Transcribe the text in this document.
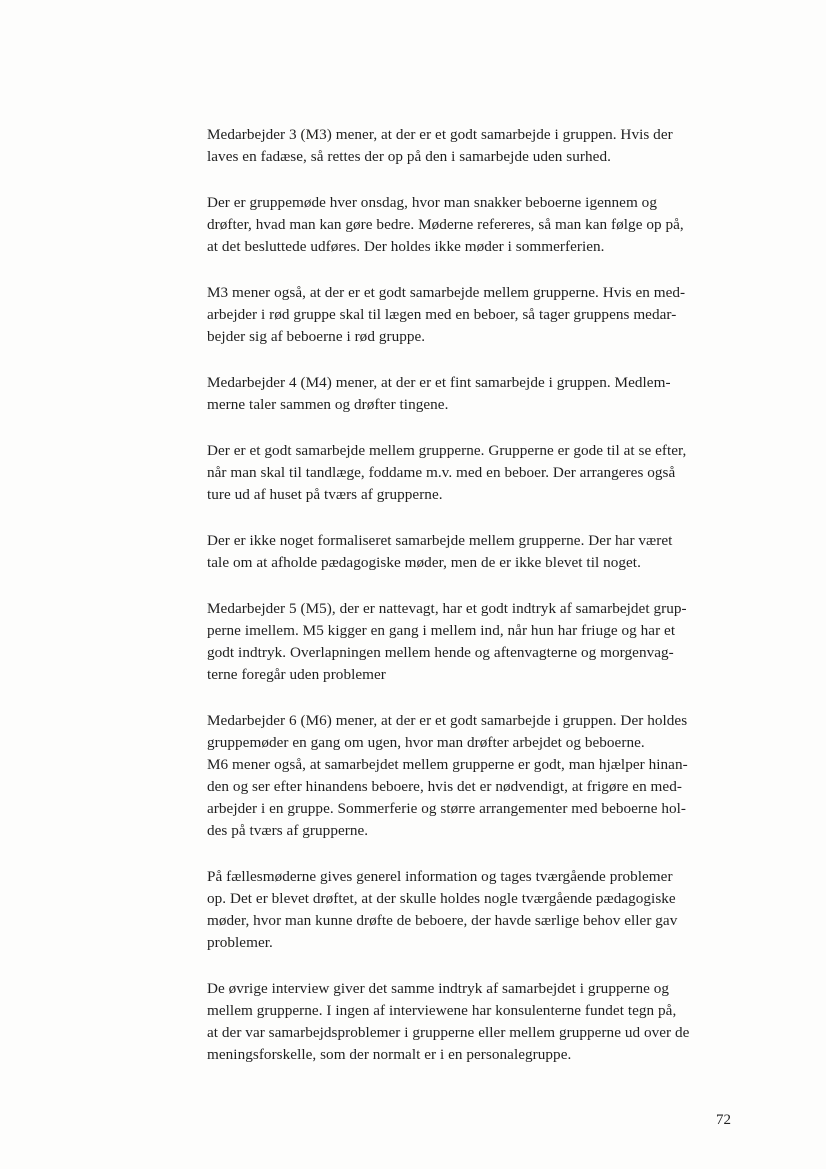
Medarbejder 3 (M3) mener, at der er et godt samarbejde i gruppen. Hvis der
laves en fadæse, så rettes der op på den i samarbejde uden surhed.

Der er gruppemøde hver onsdag, hvor man snakker beboerne igennem og
drøfter, hvad man kan gøre bedre. Møderne refereres, så man kan følge op på,
at det besluttede udføres. Der holdes ikke møder i sommerferien.

M3 mener også, at der er et godt samarbejde mellem grupperne. Hvis en med-
arbejder i rød gruppe skal til lægen med en beboer, så tager gruppens medar-
bejder sig af beboerne i rød gruppe.

Medarbejder 4 (M4) mener, at der er et fint samarbejde i gruppen. Medlem-
merne taler sammen og drøfter tingene.

Der er et godt samarbejde mellem grupperne. Grupperne er gode til at se efter,
når man skal til tandlæge, foddame m.v. med en beboer. Der arrangeres også
ture ud af huset på tværs af grupperne.

Der er ikke noget formaliseret samarbejde mellem grupperne. Der har været
tale om at afholde pædagogiske møder, men de er ikke blevet til noget.

Medarbejder 5 (M5), der er nattevagt, har et godt indtryk af samarbejdet grup-
perne imellem. M5 kigger en gang i mellem ind, når hun har friuge og har et
godt indtryk. Overlapningen mellem hende og aftenvagterne og morgenvag-
terne foregår uden problemer

Medarbejder 6 (M6) mener, at der er et godt samarbejde i gruppen. Der holdes
gruppemøder en gang om ugen, hvor man drøfter arbejdet og beboerne.
M6 mener også, at samarbejdet mellem grupperne er godt, man hjælper hinan-
den og ser efter hinandens beboere, hvis det er nødvendigt, at frigøre en med-
arbejder i en gruppe. Sommerferie og større arrangementer med beboerne hol-
des på tværs af grupperne.

På fællesmøderne gives generel information og tages tværgående problemer
op. Det er blevet drøftet, at der skulle holdes nogle tværgående pædagogiske
møder, hvor man kunne drøfte de beboere, der havde særlige behov eller gav
problemer.

De øvrige interview giver det samme indtryk af samarbejdet i grupperne og
mellem grupperne. I ingen af interviewene har konsulenterne fundet tegn på,
at der var samarbejdsproblemer i grupperne eller mellem grupperne ud over de
meningsforskelle, som der normalt er i en personalegruppe.

72
